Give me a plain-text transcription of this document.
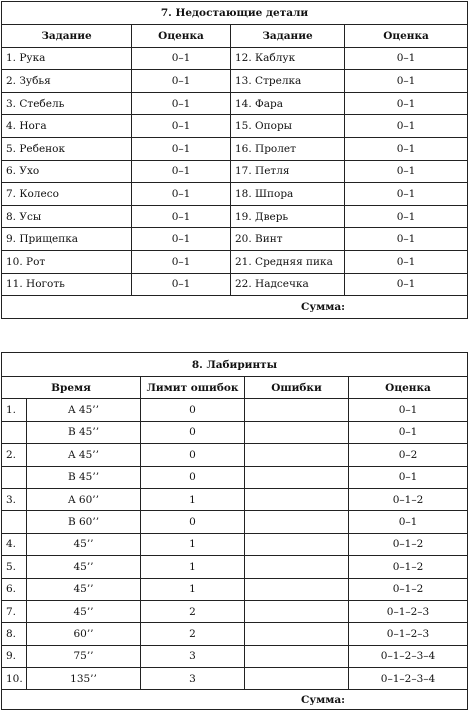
7. Недостающие детали			
Задание	Оценка	Задание	Оценка
1. Рука	0–1	12. Каблук	0–1
2. Зубья	0–1	13. Стрелка	0–1
3. Стебель	0–1	14. Фара	0–1
4. Нога	0–1	15. Опоры	0–1
5. Ребенок	0–1	16. Пролет	0–1
6. Ухо	0–1	17. Петля	0–1
7. Колесо	0–1	18. Шпора	0–1
8. Усы	0–1	19. Дверь	0–1
9. Прищепка	0–1	20. Винт	0–1
10. Рот	0–1	21. Средняя пика	0–1
11. Ноготь	0–1	22. Надсечка	0–1
Сумма:			
8. Лабиринты				
Время		Лимит ошибок	Ошибки	Оценка
1.	A 45’’	0		0–1
	B 45’’	0		0–1
2.	A 45’’	0		0–2
	B 45’’	0		0–1
3.	A 60’’	1		0–1–2
	B 60’’	0		0–1
4.	45’’	1		0–1–2
5.	45’’	1		0–1–2
6.	45’’	1		0–1–2
7.	45’’	2		0–1–2–3
8.	60’’	2		0–1–2–3
9.	75’’	3		0–1–2–3–4
10.	135’’	3		0–1–2–3–4
Сумма:				
